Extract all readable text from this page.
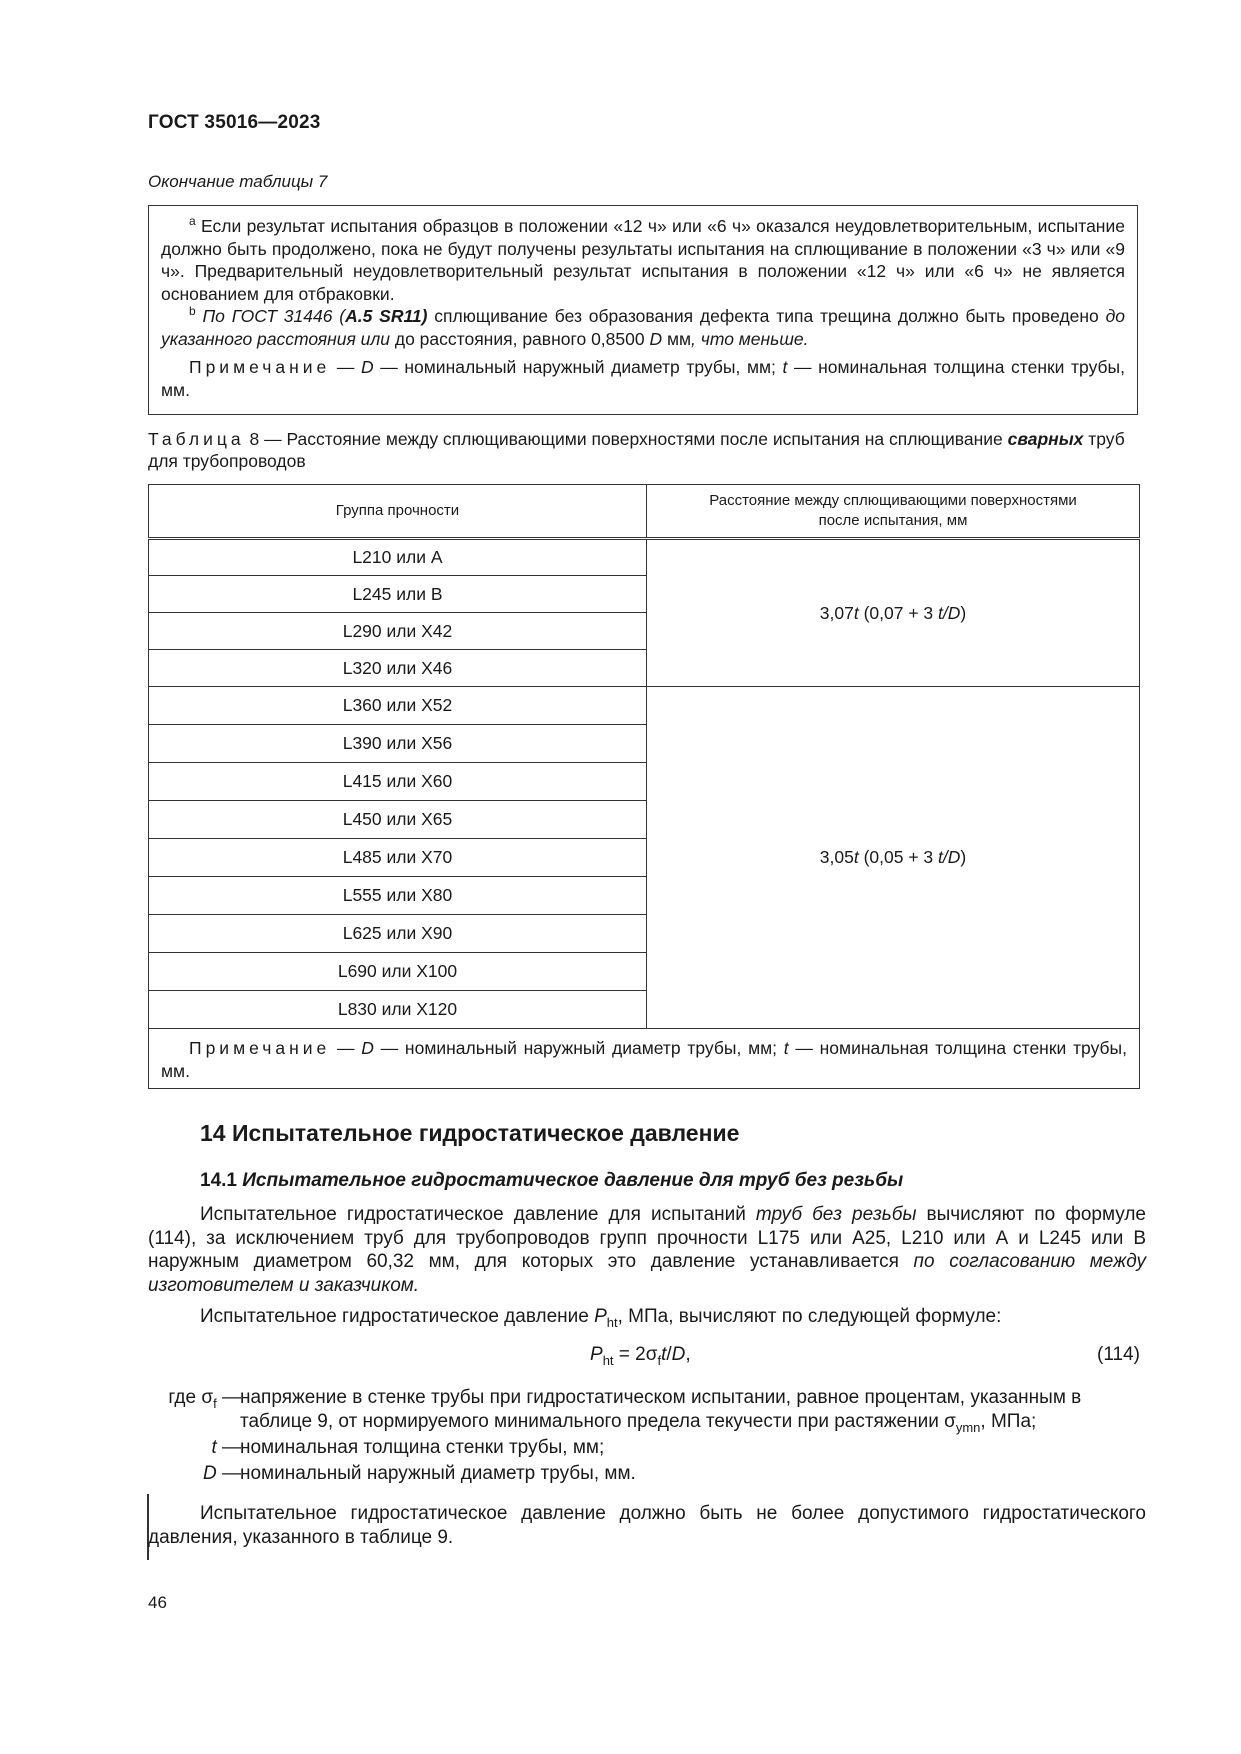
ГОСТ 35016—2023
Окончание таблицы 7
$^a$ Если результат испытания образцов в положении «12 ч» или «6 ч» оказался неудовлетворительным, испытание должно быть продолжено, пока не будут получены результаты испытания на сплющивание в положении «3 ч» или «9 ч». Предварительный неудовлетворительный результат испытания в положении «12 ч» или «6 ч» не является основанием для отбраковки.
$^b$ По ГОСТ 31446 (А.5 SR11) сплющивание без образования дефекта типа трещина должно быть проведено до указанного расстояния или до расстояния, равного 0,8500 D мм, что меньше.
Примечание — D — номинальный наружный диаметр трубы, мм; t — номинальная толщина стенки трубы, мм.
Таблица 8 — Расстояние между сплющивающими поверхностями после испытания на сплющивание сварных труб для трубопроводов
Группа прочности	Расстояние между сплющивающими поверхностями
после испытания, мм
L210 или А	3,07t (0,07 + 3 t/D)
L245 или В	
L290 или Х42	
L320 или Х46	
L360 или Х52	3,05t (0,05 + 3 t/D)
L390 или Х56	
L415 или Х60	
L450 или Х65	
L485 или Х70	
L555 или Х80	
L625 или Х90	
L690 или Х100	
L830 или Х120	
Примечание — D — номинальный наружный диаметр трубы, мм; t — номинальная толщина стенки трубы, мм.	
14 Испытательное гидростатическое давление
14.1 Испытательное гидростатическое давление для труб без резьбы
Испытательное гидростатическое давление для испытаний труб без резьбы вычисляют по формуле (114), за исключением труб для трубопроводов групп прочности L175 или А25, L210 или А и L245 или В наружным диаметром 60,32 мм, для которых это давление устанавливается по согласованию между изготовителем и заказчиком.
Испытательное гидростатическое давление $P_{ht}$, МПа, вычисляют по следующей формуле:
$P_{ht} = 2\sigma_ft/D$,	(114)
где $\sigma_f$ — напряжение в стенке трубы при гидростатическом испытании, равное процентам, указанным в таблице 9, от нормируемого минимального предела текучести при растяжении $\sigma_{ymn}$, МПа;
t — номинальная толщина стенки трубы, мм;
D — номинальный наружный диаметр трубы, мм.
Испытательное гидростатическое давление должно быть не более допустимого гидростатического давления, указанного в таблице 9.
46
